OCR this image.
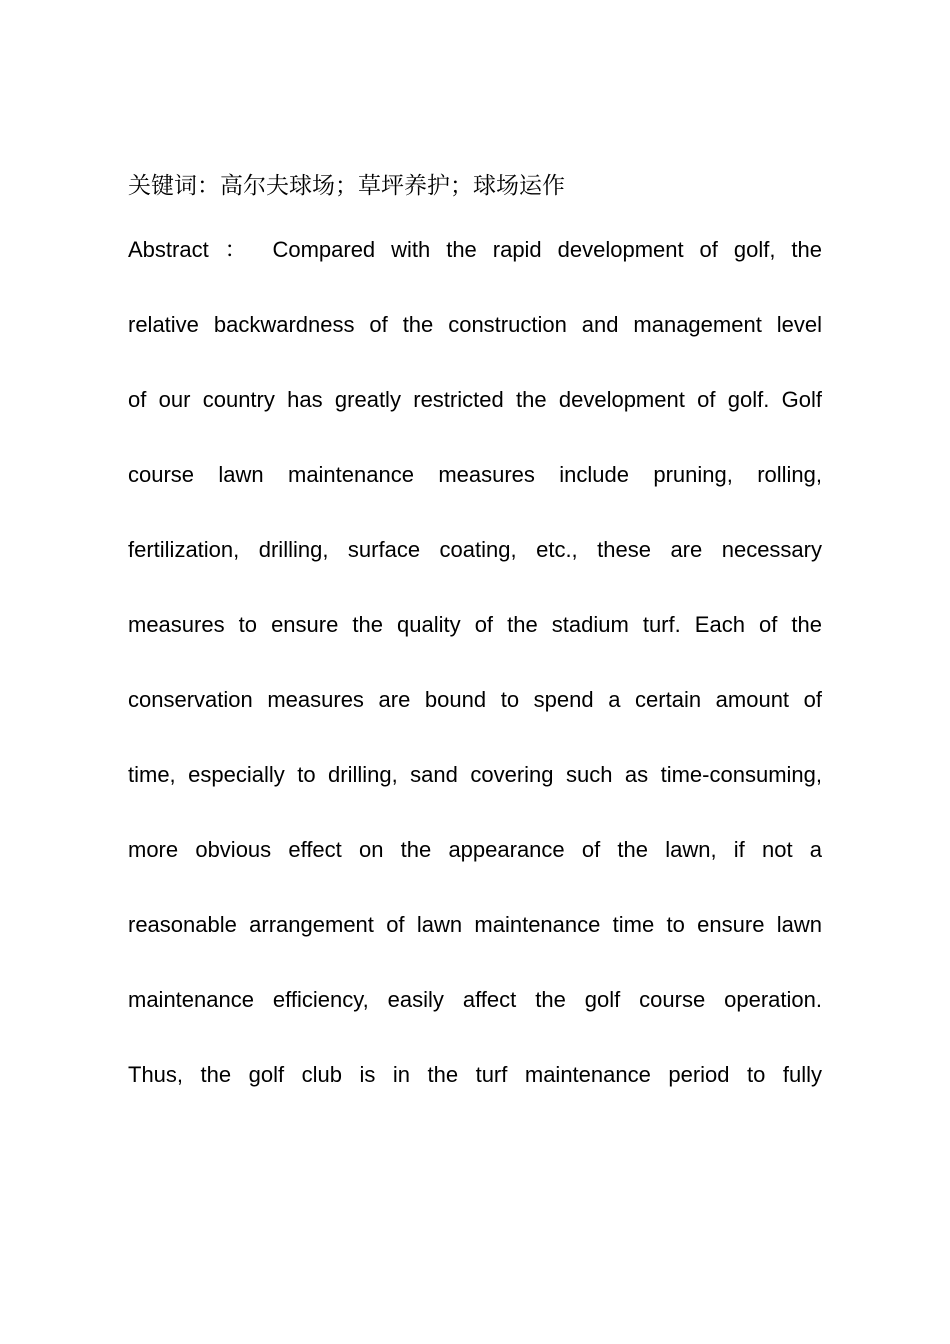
关键词：高尔夫球场；草坪养护；球场运作
Abstract ： Compared with the rapid development of golf, the
relative backwardness of the construction and management level
of our country has greatly restricted the development of golf. Golf
course lawn maintenance measures include pruning, rolling,
fertilization, drilling, surface coating, etc., these are necessary
measures to ensure the quality of the stadium turf. Each of the
conservation measures are bound to spend a certain amount of
time, especially to drilling, sand covering such as time-consuming,
more obvious effect on the appearance of the lawn, if not a
reasonable arrangement of lawn maintenance time to ensure lawn
maintenance efficiency, easily affect the golf course operation.
Thus, the golf club is in the turf maintenance period to fully
